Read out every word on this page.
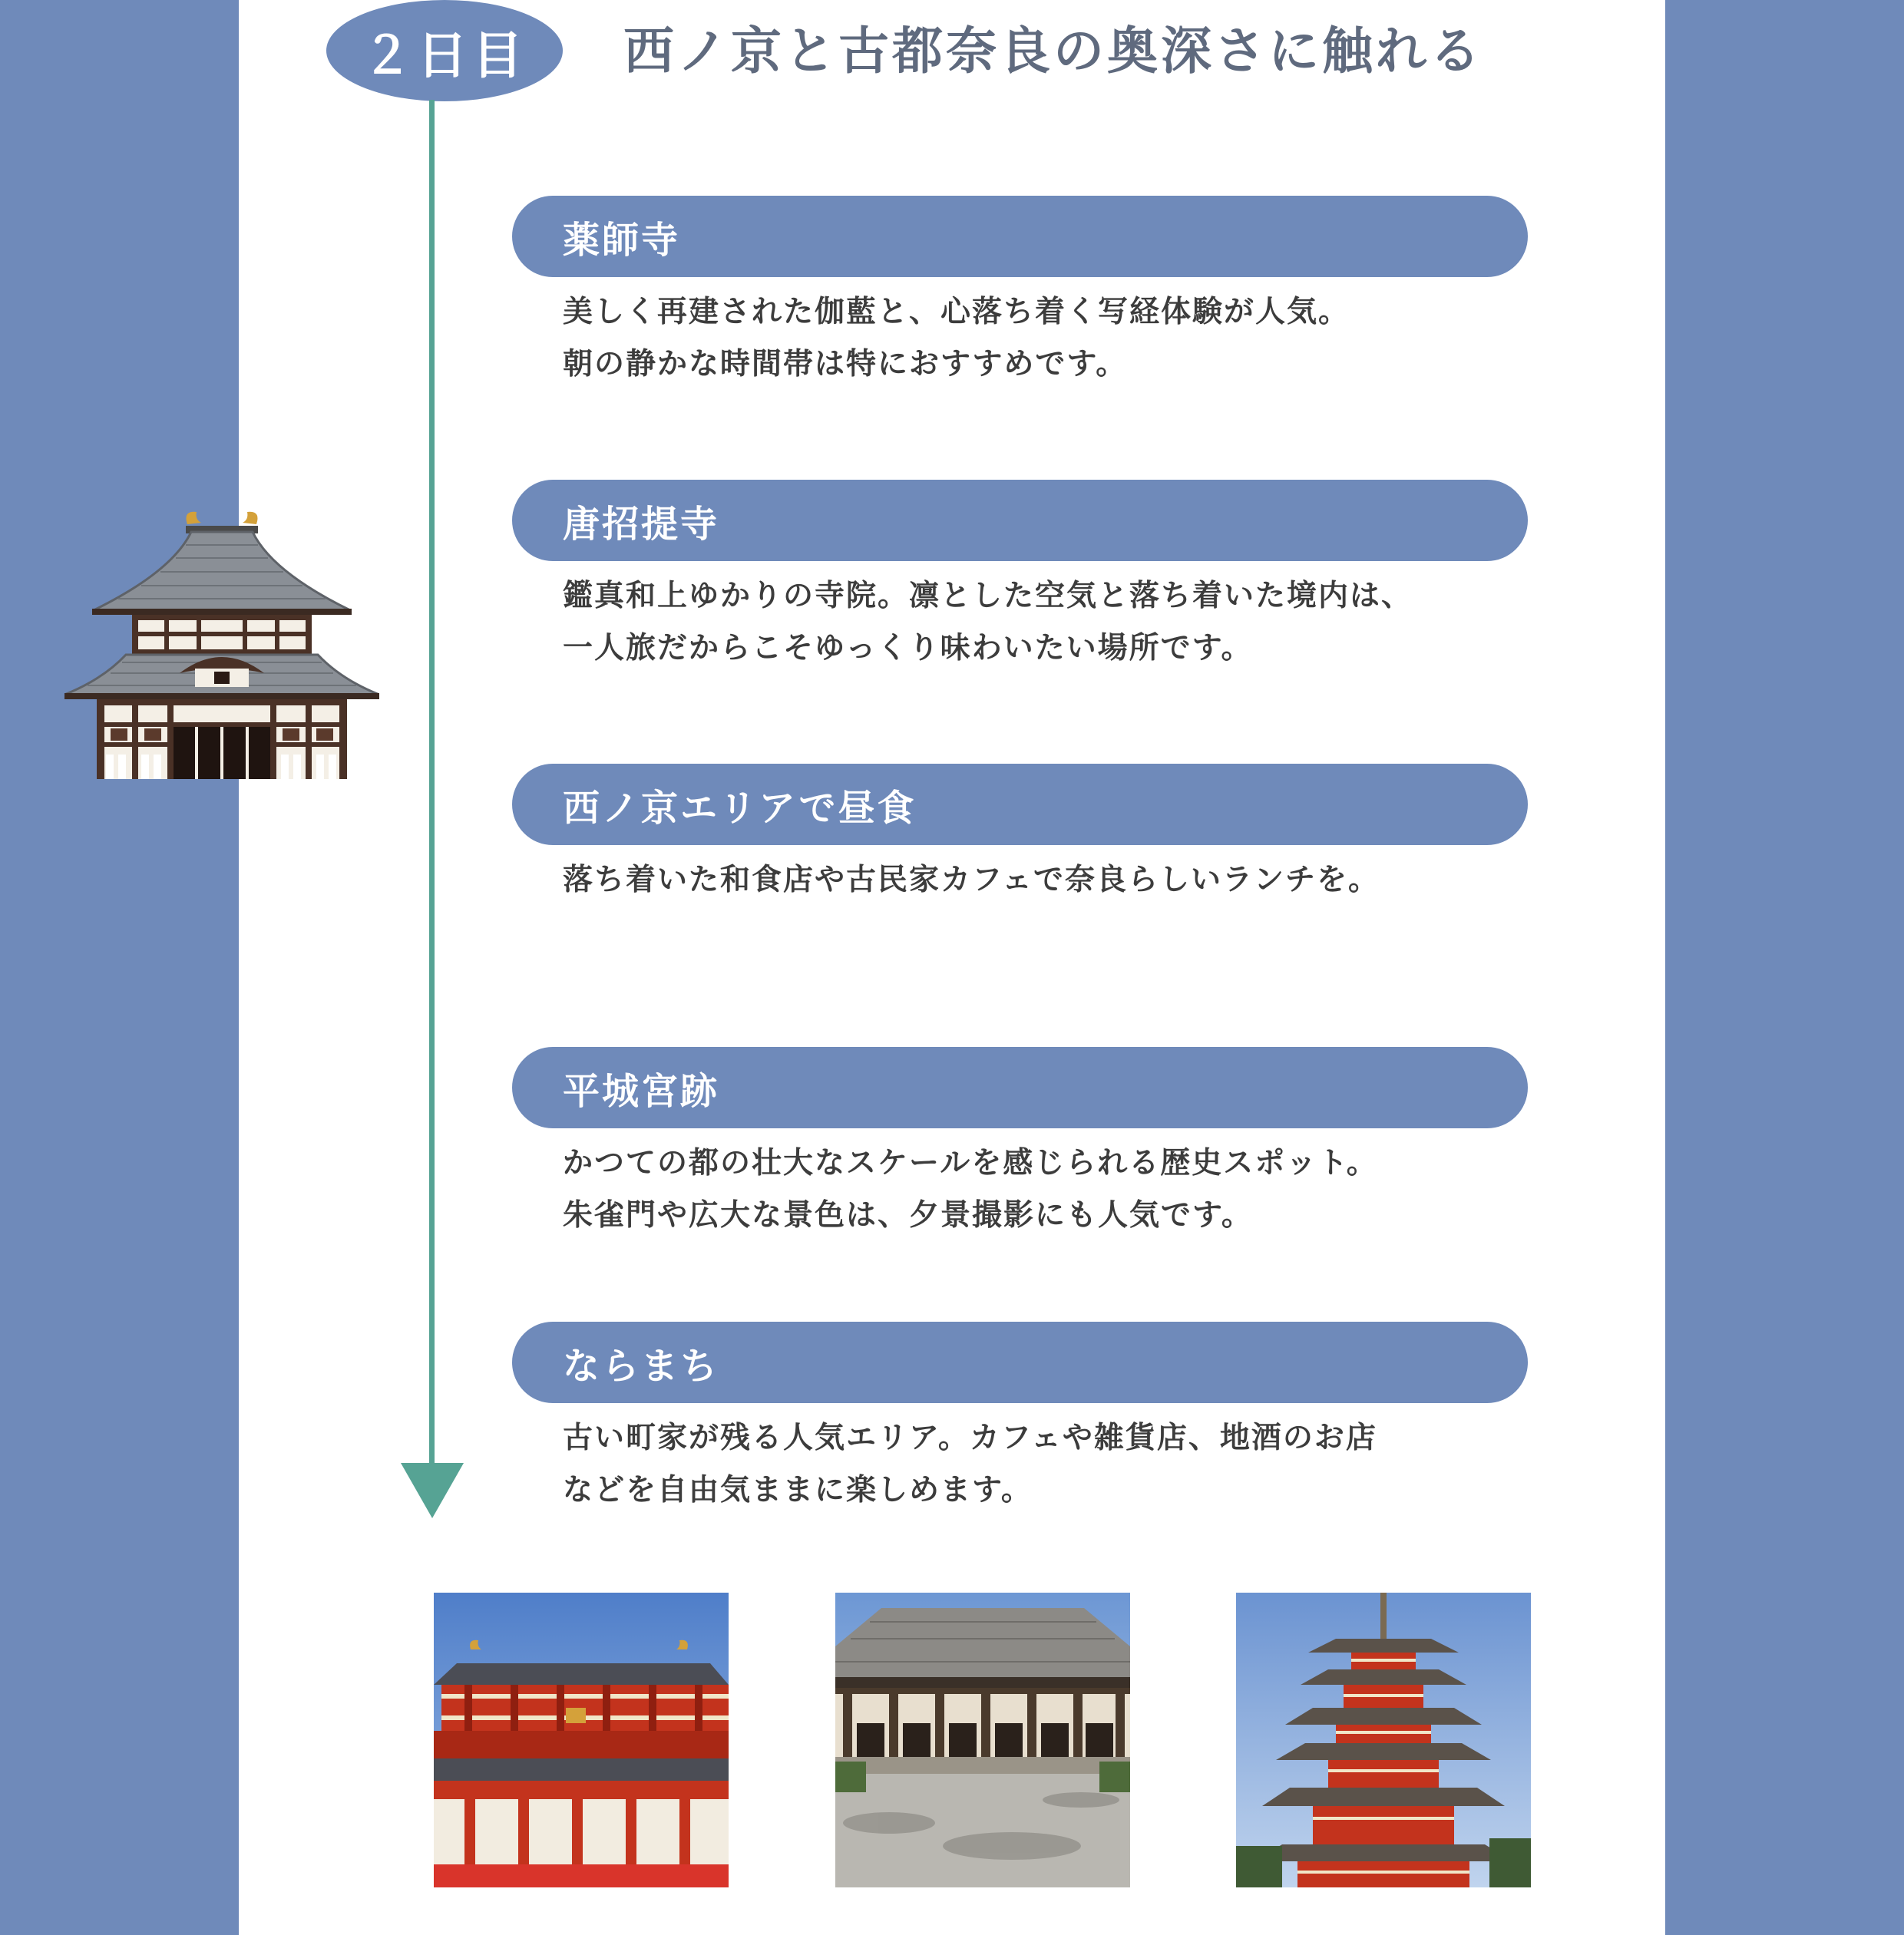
２日目	西ノ京と古都奈良の奥深さに触れる
薬師寺
美しく再建された伽藍と、心落ち着く写経体験が人気。
朝の静かな時間帯は特におすすめです。
唐招提寺
鑑真和上ゆかりの寺院。凛とした空気と落ち着いた境内は、
一人旅だからこそゆっくり味わいたい場所です。
西ノ京エリアで昼食
落ち着いた和食店や古民家カフェで奈良らしいランチを。
平城宮跡
かつての都の壮大なスケールを感じられる歴史スポット。
朱雀門や広大な景色は、夕景撮影にも人気です。
ならまち
古い町家が残る人気エリア。カフェや雑貨店、地酒のお店
などを自由気ままに楽しめます。
